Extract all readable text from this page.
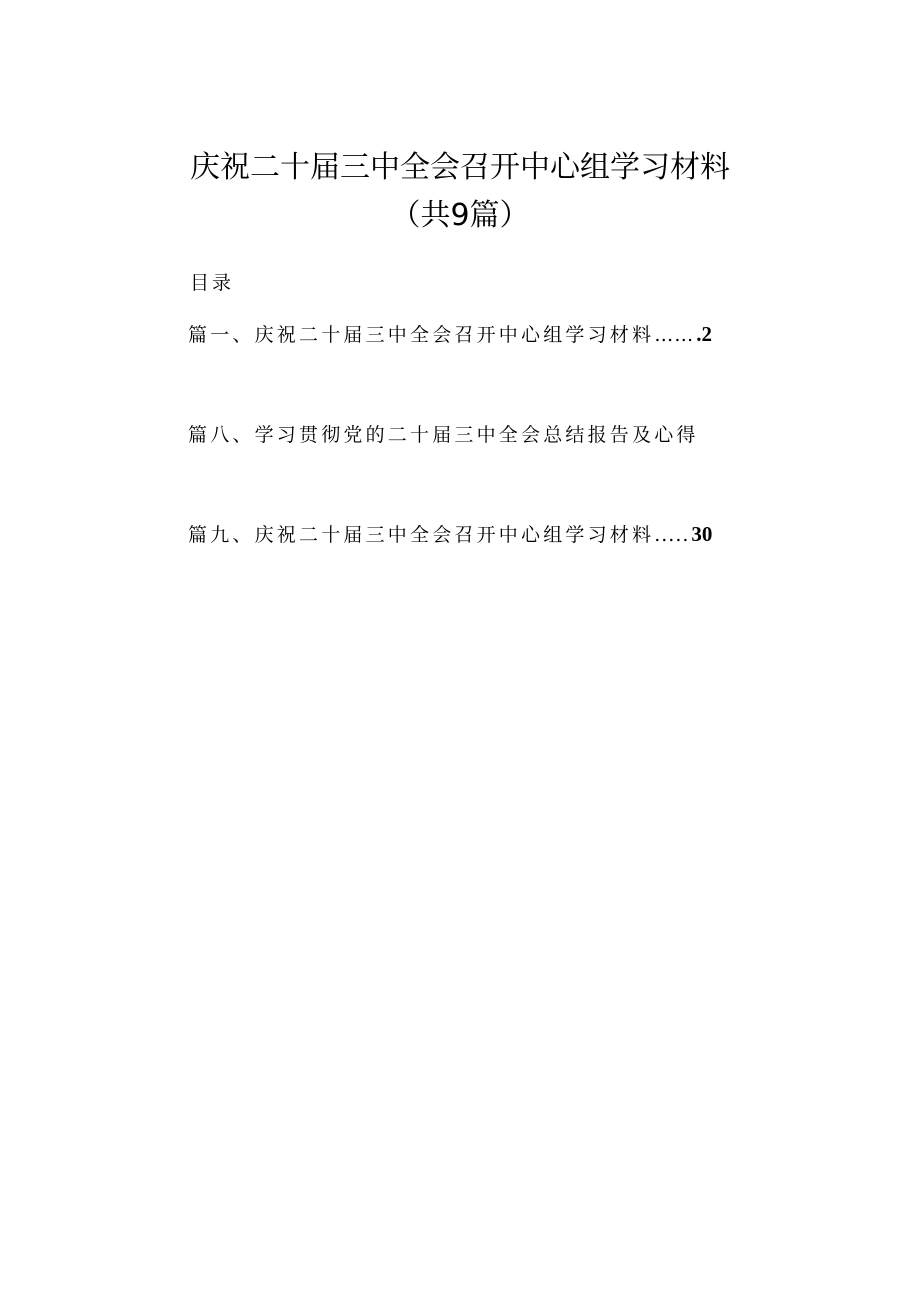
庆祝二十届三中全会召开中心组学习材料
（共9篇）
目录
篇一、庆祝二十届三中全会召开中心组学习材料 …… .2
篇八、学习贯彻党的二十届三中全会总结报告及心得
篇九、庆祝二十届三中全会召开中心组学习材料 ..... 30
